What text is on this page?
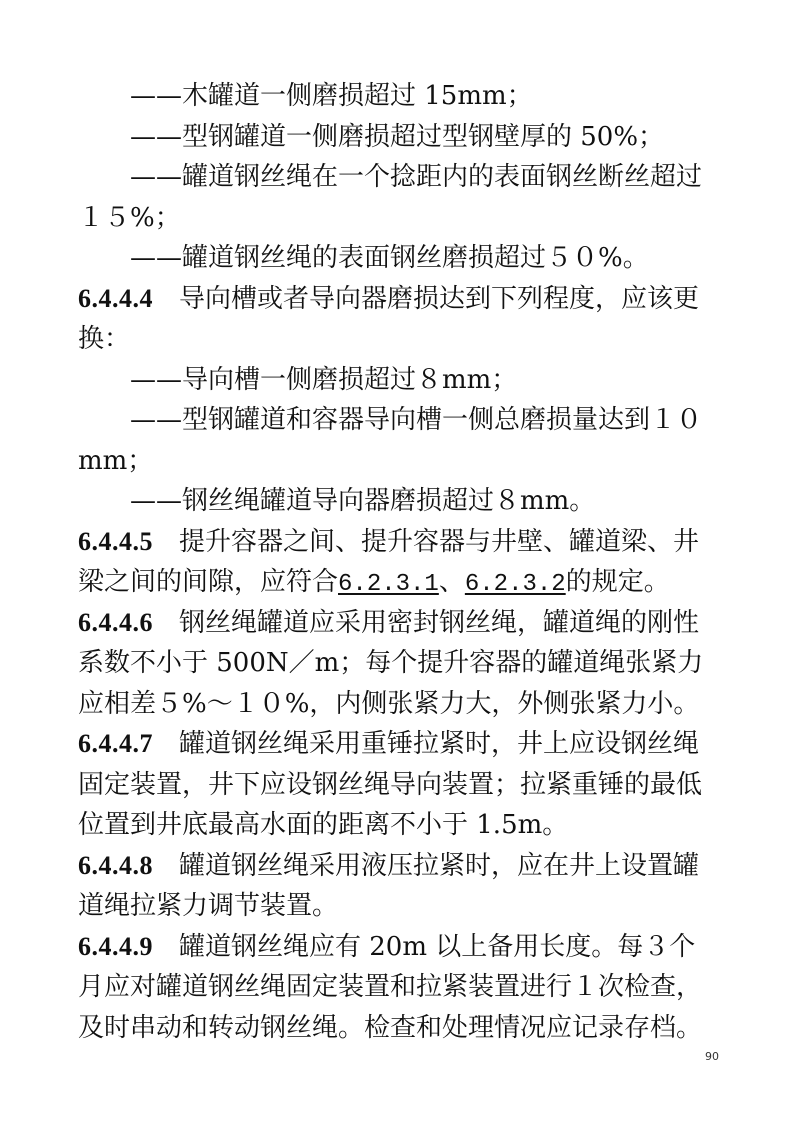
——木罐道一侧磨损超过 15mm；
——型钢罐道一侧磨损超过型钢壁厚的 50%；
——罐道钢丝绳在一个捻距内的表面钢丝断丝超过
１５%；
——罐道钢丝绳的表面钢丝磨损超过５０%。
6.4.4.4 导向槽或者导向器磨损达到下列程度，应该更
换：
——导向槽一侧磨损超过８mm；
——型钢罐道和容器导向槽一侧总磨损量达到１０
mm；
——钢丝绳罐道导向器磨损超过８mm。
6.4.4.5 提升容器之间、提升容器与井壁、罐道梁、井
梁之间的间隙，应符合6.2.3.1、6.2.3.2的规定。
6.4.4.6 钢丝绳罐道应采用密封钢丝绳，罐道绳的刚性
系数不小于 500N／m；每个提升容器的罐道绳张紧力
应相差５%～１０%，内侧张紧力大，外侧张紧力小。
6.4.4.7 罐道钢丝绳采用重锤拉紧时，井上应设钢丝绳
固定装置，井下应设钢丝绳导向装置；拉紧重锤的最低
位置到井底最高水面的距离不小于 1.5m。
6.4.4.8 罐道钢丝绳采用液压拉紧时，应在井上设置罐
道绳拉紧力调节装置。
6.4.4.9 罐道钢丝绳应有 20m 以上备用长度。每３个
月应对罐道钢丝绳固定装置和拉紧装置进行１次检查，
及时串动和转动钢丝绳。检查和处理情况应记录存档。
90
